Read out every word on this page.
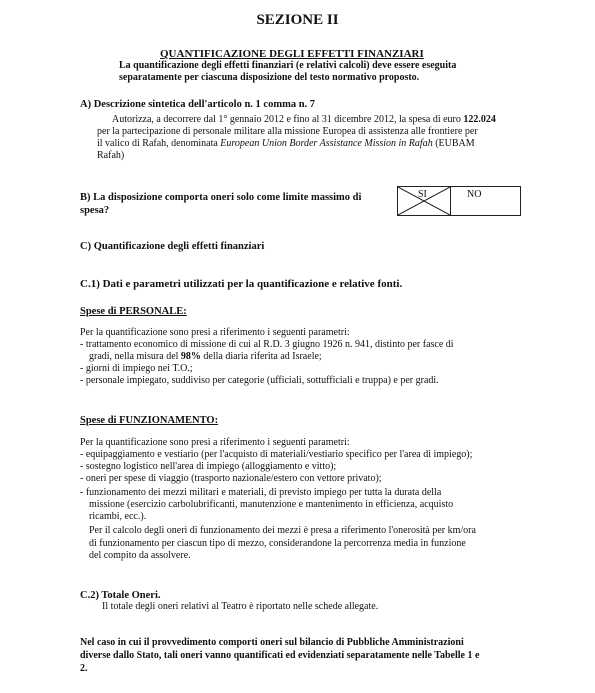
SEZIONE II
QUANTIFICAZIONE DEGLI EFFETTI FINANZIARI
La quantificazione degli effetti finanziari (e relativi calcoli) deve essere eseguita
separatamente per ciascuna disposizione del testo normativo proposto.
A) Descrizione sintetica dell'articolo n. 1 comma n. 7
Autorizza, a decorrere dal 1° gennaio 2012 e fino al 31 dicembre 2012, la spesa di euro 122.024
per la partecipazione di personale militare alla missione Europea di assistenza alle frontiere per
il valico di Rafah, denominata European Union Border Assistance Mission in Rafah (EUBAM
Rafah)
B) La disposizione comporta oneri solo come limite massimo di
spesa?
SI	NO
C) Quantificazione degli effetti finanziari
C.1) Dati e parametri utilizzati per la quantificazione e relative fonti.
Spese di PERSONALE:
Per la quantificazione sono presi a riferimento i seguenti parametri:
- trattamento economico di missione di cui al R.D. 3 giugno 1926 n. 941, distinto per fasce di
gradi, nella misura del 98% della diaria riferita ad Israele;
- giorni di impiego nei T.O.;
- personale impiegato, suddiviso per categorie (ufficiali, sottufficiali e truppa) e per gradi.
Spese di FUNZIONAMENTO:
Per la quantificazione sono presi a riferimento i seguenti parametri:
- equipaggiamento e vestiario (per l'acquisto di materiali/vestiario specifico per l'area di impiego);
- sostegno logistico nell'area di impiego (alloggiamento e vitto);
- oneri per spese di viaggio (trasporto nazionale/estero con vettore privato);
- funzionamento dei mezzi militari e materiali, di previsto impiego per tutta la durata della
missione (esercizio carbolubrificanti, manutenzione e mantenimento in efficienza, acquisto
ricambi, ecc.).
Per il calcolo degli oneri di funzionamento dei mezzi è presa a riferimento l'onerosità per km/ora
di funzionamento per ciascun tipo di mezzo, considerandone la percorrenza media in funzione
del compito da assolvere.
C.2) Totale Oneri.
Il totale degli oneri relativi al Teatro è riportato nelle schede allegate.
Nel caso in cui il provvedimento comporti oneri sul bilancio di Pubbliche Amministrazioni
diverse dallo Stato, tali oneri vanno quantificati ed evidenziati separatamente nelle Tabelle 1 e
2.
